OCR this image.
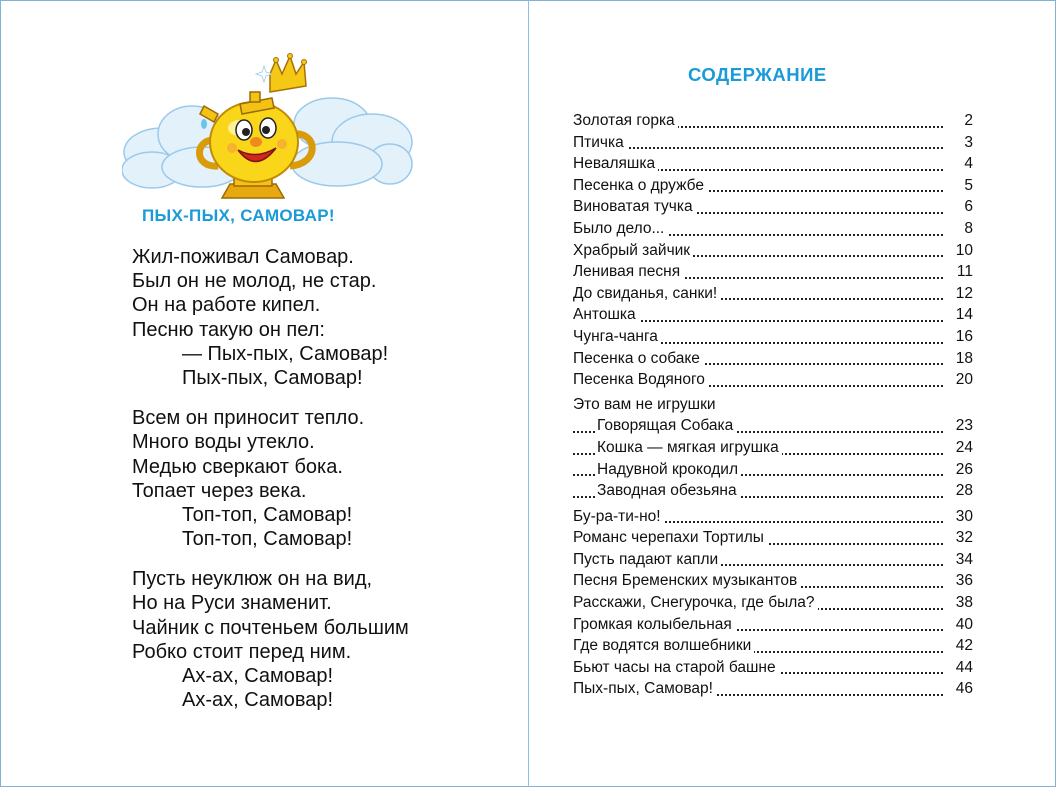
ПЫХ-ПЫХ, САМОВАР!
Жил-поживал Самовар.
Был он не молод, не стар.
Он на работе кипел.
Песню такую он пел:
— Пых-пых, Самовар!
Пых-пых, Самовар!
Всем он приносит тепло.
Много воды утекло.
Медью сверкают бока.
Топает через века.
Топ-топ, Самовар!
Топ-топ, Самовар!
Пусть неуклюж он на вид,
Но на Руси знаменит.
Чайник с почтеньем большим
Робко стоит перед ним.
Ах-ах, Самовар!
Ах-ах, Самовар!
СОДЕРЖАНИЕ
Золотая горка	2
Птичка	3
Неваляшка	4
Песенка о дружбе	5
Виноватая тучка	6
Было дело...	8
Храбрый зайчик	10
Ленивая песня	11
До свиданья, санки!	12
Антошка	14
Чунга-чанга	16
Песенка о собаке	18
Песенка Водяного	20
Это вам не игрушки
Говорящая Собака	23
Кошка — мягкая игрушка	24
Надувной крокодил	26
Заводная обезьяна	28
Бу-ра-ти-но!	30
Романс черепахи Тортилы	32
Пусть падают капли	34
Песня Бременских музыкантов	36
Расскажи, Снегурочка, где была?	38
Громкая колыбельная	40
Где водятся волшебники	42
Бьют часы на старой башне	44
Пых-пых, Самовар!	46
